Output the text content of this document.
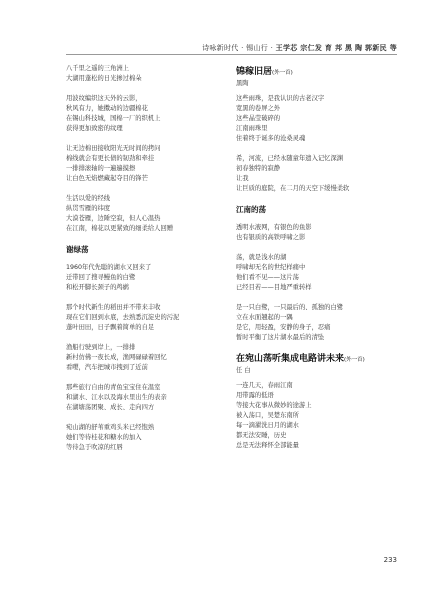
诗咏新时代 · 锡山行 · 王学芯 宗仁发 育 邦 黑 陶 郭新民 等
八千里之遥的三角洲上
大湖用蓬松的日光掺过棉朵
用波纹编织这天外的云影，
秋风有力，她擞动的边疆棉花
在锡山科技城，国棉一厂的织机上
获得更加致密的纹理
让无边棉田接收阳光无时间的拷问
棉线就会有更长债的韧劲和牵挂
一排排滚轴的一遍遍摸擦
让白色无焰燃藏起夺目的锋芒
生活以爱的经线
纵贯雪雁的纬度
大漠苍雁，边陲空寂，但人心温热
在江南，棉花以更紧致的细柔给人回赠
谢绿荡
1960年代先聪的湖水又回来了
迁带回了搜寻鳗鱼的白鹭
和松开脚长颈子的鸬鹚
那个时代新生的稻田并不带来丰收
现在它们回到水底，去熟悉沉淀史的污泥
蓬叶田田，日子飘着简单的自足
渔船行驶到岸上，一排排
新村仿佛一夜长成，渔网碌碌着回忆
看嘤，汽车把城市拽到了近前
那些旅行自由的青鱼宝宝住在温室
和湖水、江水以及海水里出生的表亲
在湖塘荡团聚、成长、走向四方
宛山湖的舒苇重鸡头米已经饱熟
她们等待桂花和糖水的加入
等待急于吹凉的红唇
锦稼旧居(外一首)
黑陶
这些雨珠，是我认识的古老汉字
宽黑的卷屏之外
这些晶莹破碎的
江南雨珠里
住着终于诞多的沧桑灵魂
希，河流，已经永随童年遗入记忆深渊
初春独特的寂静
让我
让巨质的庭院，在二月的天空下缓慢柔软
江南的荡
透明水液网，有银色的鱼影
也有银质的高铁呼啸之影
荡，就是浅水的湖
呼啸却无名的世纪样痛中
他们看不见——这片荡
已经目若——目地严重转样
是一只白鹭，一只最后的、孤独的白鹭
立在水面翘起的一隅
是它，用轻盈，安静的身子，忍痛
暂时平衡了这片湖水最后的清坠
在宛山荡听集成电路讲未来(外一首)
任 白
一连几天，春雨江南
用带露的低语
等接大花事从微妙的途游上
被入荡口，吴楚东南所
每一滴濯洗日月的湖水
都无法安睡，历史
总是无法释怀全部能量
233
